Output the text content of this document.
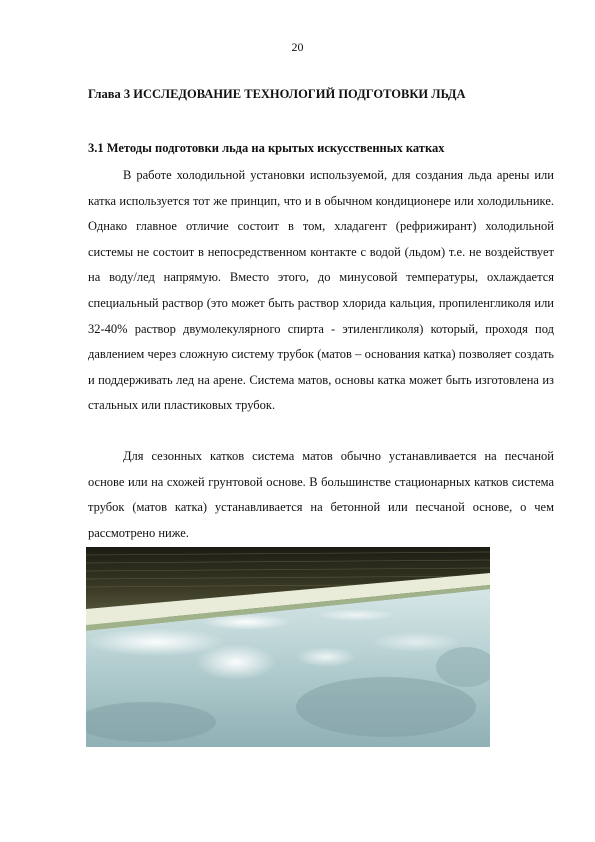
20
Глава 3 ИССЛЕДОВАНИЕ ТЕХНОЛОГИЙ ПОДГОТОВКИ ЛЬДА
3.1 Методы подготовки льда на крытых искусственных катках

В работе холодильной установки используемой, для создания льда арены или катка используется тот же принцип, что и в обычном кондиционере или холодильнике. Однако главное отличие состоит в том, хладагент (рефрижирант) холодильной системы не состоит в непосредственном контакте с водой (льдом) т.е. не воздействует на воду/лед напрямую. Вместо этого, до минусовой температуры, охлаждается специальный раствор (это может быть раствор хлорида кальция, пропиленгликоля или 32-40% раствор двумолекулярного спирта - этиленгликоля) который, проходя под давлением через сложную систему трубок (матов – основания катка) позволяет создать и поддерживать лед на арене. Система матов, основы катка может быть изготовлена из стальных или пластиковых трубок.

Для сезонных катков система матов обычно устанавливается на песчаной основе или на схожей грунтовой основе. В большинстве стационарных катков система трубок (матов катка) устанавливается на бетонной или песчаной основе, о чем рассмотрено ниже.
